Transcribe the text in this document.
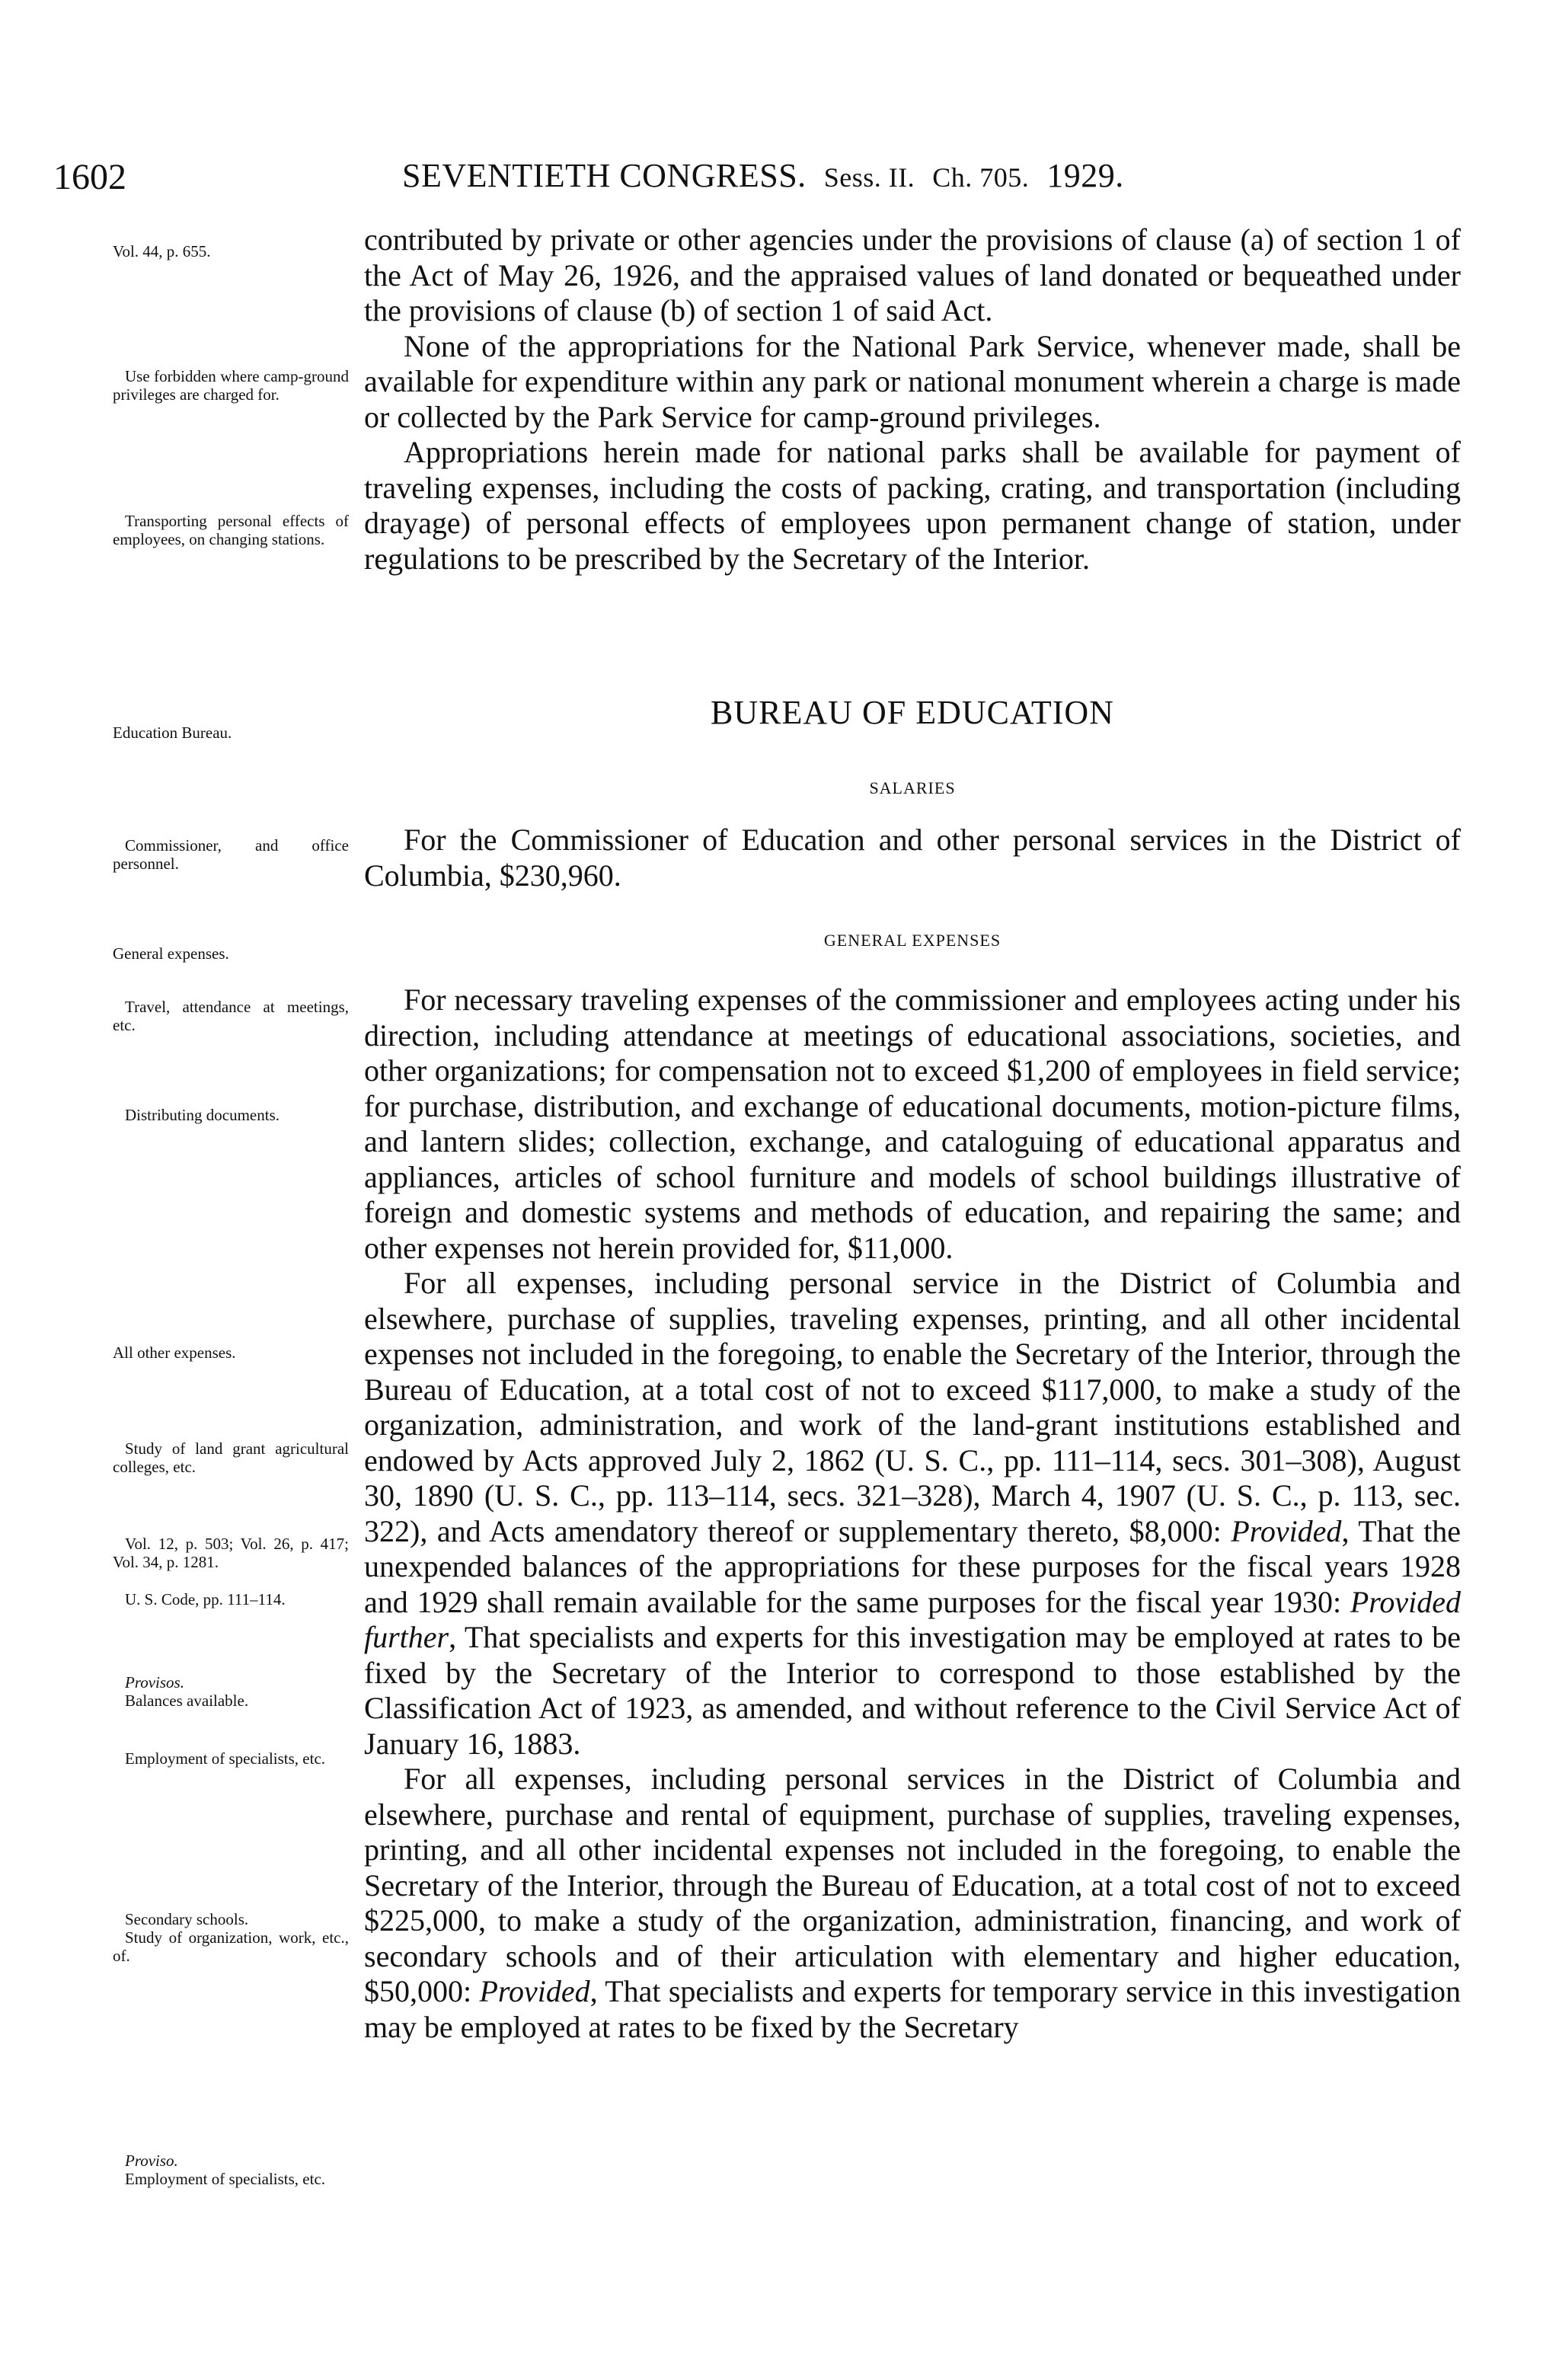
1602	SEVENTIETH CONGRESS. Sess. II. Ch. 705. 1929.
Vol. 44, p. 655.
Use forbidden where camp-ground privileges are charged for.
Transporting personal effects of employees, on changing stations.
Education Bureau.
Commissioner, and office personnel.
General expenses.
Travel, attendance at meetings, etc.
Distributing documents.
All other expenses.
Study of land grant agricultural colleges, etc.
Vol. 12, p. 503; Vol. 26, p. 417; Vol. 34, p. 1281.
U. S. Code, pp. 111–114.
Provisos.
Balances available.
Employment of specialists, etc.
Secondary schools.
Study of organization, work, etc., of.
Proviso.
Employment of specialists, etc.

contributed by private or other agencies under the provisions of clause (a) of section 1 of the Act of May 26, 1926, and the appraised values of land donated or bequeathed under the provisions of clause (b) of section 1 of said Act.

None of the appropriations for the National Park Service, whenever made, shall be available for expenditure within any park or national monument wherein a charge is made or collected by the Park Service for camp-ground privileges.

Appropriations herein made for national parks shall be available for payment of traveling expenses, including the costs of packing, crating, and transportation (including drayage) of personal effects of employees upon permanent change of station, under regulations to be prescribed by the Secretary of the Interior.

BUREAU OF EDUCATION
SALARIES

For the Commissioner of Education and other personal services in the District of Columbia, $230,960.

GENERAL EXPENSES

For necessary traveling expenses of the commissioner and employees acting under his direction, including attendance at meetings of educational associations, societies, and other organizations; for compensation not to exceed $1,200 of employees in field service; for purchase, distribution, and exchange of educational documents, motion-picture films, and lantern slides; collection, exchange, and cataloguing of educational apparatus and appliances, articles of school furniture and models of school buildings illustrative of foreign and domestic systems and methods of education, and repairing the same; and other expenses not herein provided for, $11,000.

For all expenses, including personal service in the District of Columbia and elsewhere, purchase of supplies, traveling expenses, printing, and all other incidental expenses not included in the foregoing, to enable the Secretary of the Interior, through the Bureau of Education, at a total cost of not to exceed $117,000, to make a study of the organization, administration, and work of the land-grant institutions established and endowed by Acts approved July 2, 1862 (U. S. C., pp. 111–114, secs. 301–308), August 30, 1890 (U. S. C., pp. 113–114, secs. 321–328), March 4, 1907 (U. S. C., p. 113, sec. 322), and Acts amendatory thereof or supplementary thereto, $8,000: Provided, That the unexpended balances of the appropriations for these purposes for the fiscal years 1928 and 1929 shall remain available for the same purposes for the fiscal year 1930: Provided further, That specialists and experts for this investigation may be employed at rates to be fixed by the Secretary of the Interior to correspond to those established by the Classification Act of 1923, as amended, and without reference to the Civil Service Act of January 16, 1883.

For all expenses, including personal services in the District of Columbia and elsewhere, purchase and rental of equipment, purchase of supplies, traveling expenses, printing, and all other incidental expenses not included in the foregoing, to enable the Secretary of the Interior, through the Bureau of Education, at a total cost of not to exceed $225,000, to make a study of the organization, administration, financing, and work of secondary schools and of their articulation with elementary and higher education, $50,000: Provided, That specialists and experts for temporary service in this investigation may be employed at rates to be fixed by the Secretary
